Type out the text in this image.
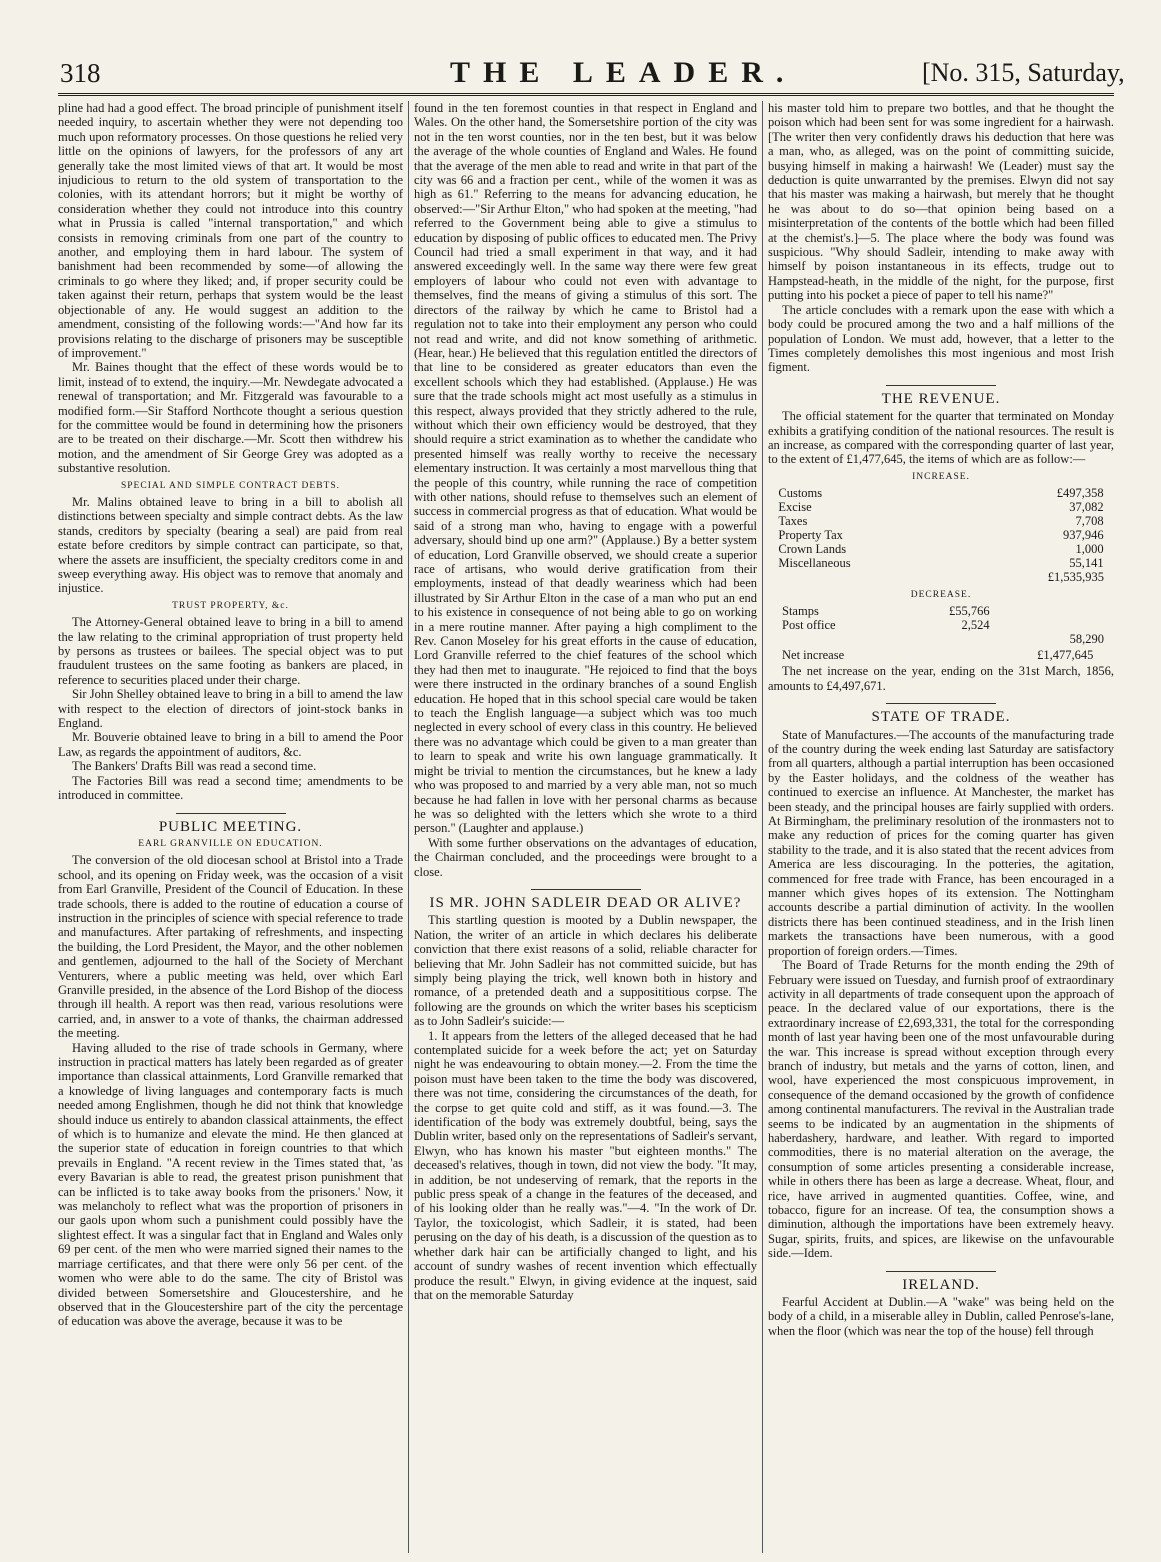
318	THE LEADER.	[No. 315, Saturday,

pline had had a good effect. The broad principle of punishment itself needed inquiry, to ascertain whether they were not depending too much upon reformatory processes. On those questions he relied very little on the opinions of lawyers, for the professors of any art generally take the most limited views of that art. It would be most injudicious to return to the old system of transportation to the colonies, with its attendant horrors; but it might be worthy of consideration whether they could not introduce into this country what in Prussia is called "internal transportation," and which consists in removing criminals from one part of the country to another, and employing them in hard labour. The system of banishment had been recommended by some—of allowing the criminals to go where they liked; and, if proper security could be taken against their return, perhaps that system would be the least objectionable of any. He would suggest an addition to the amendment, consisting of the following words:—"And how far its provisions relating to the discharge of prisoners may be susceptible of improvement."

Mr. Baines thought that the effect of these words would be to limit, instead of to extend, the inquiry.—Mr. Newdegate advocated a renewal of transportation; and Mr. Fitzgerald was favourable to a modified form.—Sir Stafford Northcote thought a serious question for the committee would be found in determining how the prisoners are to be treated on their discharge.—Mr. Scott then withdrew his motion, and the amendment of Sir George Grey was adopted as a substantive resolution.

SPECIAL AND SIMPLE CONTRACT DEBTS.

Mr. Malins obtained leave to bring in a bill to abolish all distinctions between specialty and simple contract debts. As the law stands, creditors by specialty (bearing a seal) are paid from real estate before creditors by simple contract can participate, so that, where the assets are insufficient, the specialty creditors come in and sweep everything away. His object was to remove that anomaly and injustice.

TRUST PROPERTY, &c.

The Attorney-General obtained leave to bring in a bill to amend the law relating to the criminal appropriation of trust property held by persons as trustees or bailees. The special object was to put fraudulent trustees on the same footing as bankers are placed, in reference to securities placed under their charge.

Sir John Shelley obtained leave to bring in a bill to amend the law with respect to the election of directors of joint-stock banks in England.

Mr. Bouverie obtained leave to bring in a bill to amend the Poor Law, as regards the appointment of auditors, &c.

The Bankers' Drafts Bill was read a second time.

The Factories Bill was read a second time; amendments to be introduced in committee.

PUBLIC MEETING.
EARL GRANVILLE ON EDUCATION.

The conversion of the old diocesan school at Bristol into a Trade school, and its opening on Friday week, was the occasion of a visit from Earl Granville, President of the Council of Education. In these trade schools, there is added to the routine of education a course of instruction in the principles of science with special reference to trade and manufactures. After partaking of refreshments, and inspecting the building, the Lord President, the Mayor, and the other noblemen and gentlemen, adjourned to the hall of the Society of Merchant Venturers, where a public meeting was held, over which Earl Granville presided, in the absence of the Lord Bishop of the diocess through ill health. A report was then read, various resolutions were carried, and, in answer to a vote of thanks, the chairman addressed the meeting.

Having alluded to the rise of trade schools in Germany, where instruction in practical matters has lately been regarded as of greater importance than classical attainments, Lord Granville remarked that a knowledge of living languages and contemporary facts is much needed among Englishmen, though he did not think that knowledge should induce us entirely to abandon classical attainments, the effect of which is to humanize and elevate the mind. He then glanced at the superior state of education in foreign countries to that which prevails in England. "A recent review in the Times stated that, 'as every Bavarian is able to read, the greatest prison punishment that can be inflicted is to take away books from the prisoners.' Now, it was melancholy to reflect what was the proportion of prisoners in our gaols upon whom such a punishment could possibly have the slightest effect. It was a singular fact that in England and Wales only 69 per cent. of the men who were married signed their names to the marriage certificates, and that there were only 56 per cent. of the women who were able to do the same. The city of Bristol was divided between Somersetshire and Gloucestershire, and he observed that in the Gloucestershire part of the city the percentage of education was above the average, because it was to be

found in the ten foremost counties in that respect in England and Wales. On the other hand, the Somersetshire portion of the city was not in the ten worst counties, nor in the ten best, but it was below the average of the whole counties of England and Wales. He found that the average of the men able to read and write in that part of the city was 66 and a fraction per cent., while of the women it was as high as 61." Referring to the means for advancing education, he observed:—"Sir Arthur Elton," who had spoken at the meeting, "had referred to the Government being able to give a stimulus to education by disposing of public offices to educated men. The Privy Council had tried a small experiment in that way, and it had answered exceedingly well. In the same way there were few great employers of labour who could not even with advantage to themselves, find the means of giving a stimulus of this sort. The directors of the railway by which he came to Bristol had a regulation not to take into their employment any person who could not read and write, and did not know something of arithmetic. (Hear, hear.) He believed that this regulation entitled the directors of that line to be considered as greater educators than even the excellent schools which they had established. (Applause.) He was sure that the trade schools might act most usefully as a stimulus in this respect, always provided that they strictly adhered to the rule, without which their own efficiency would be destroyed, that they should require a strict examination as to whether the candidate who presented himself was really worthy to receive the necessary elementary instruction. It was certainly a most marvellous thing that the people of this country, while running the race of competition with other nations, should refuse to themselves such an element of success in commercial progress as that of education. What would be said of a strong man who, having to engage with a powerful adversary, should bind up one arm?" (Applause.) By a better system of education, Lord Granville observed, we should create a superior race of artisans, who would derive gratification from their employments, instead of that deadly weariness which had been illustrated by Sir Arthur Elton in the case of a man who put an end to his existence in consequence of not being able to go on working in a mere routine manner. After paying a high compliment to the Rev. Canon Moseley for his great efforts in the cause of education, Lord Granville referred to the chief features of the school which they had then met to inaugurate. "He rejoiced to find that the boys were there instructed in the ordinary branches of a sound English education. He hoped that in this school special care would be taken to teach the English language—a subject which was too much neglected in every school of every class in this country. He believed there was no advantage which could be given to a man greater than to learn to speak and write his own language grammatically. It might be trivial to mention the circumstances, but he knew a lady who was proposed to and married by a very able man, not so much because he had fallen in love with her personal charms as because he was so delighted with the letters which she wrote to a third person." (Laughter and applause.)

With some further observations on the advantages of education, the Chairman concluded, and the proceedings were brought to a close.

IS MR. JOHN SADLEIR DEAD OR ALIVE?

This startling question is mooted by a Dublin newspaper, the Nation, the writer of an article in which declares his deliberate conviction that there exist reasons of a solid, reliable character for believing that Mr. John Sadleir has not committed suicide, but has simply being playing the trick, well known both in history and romance, of a pretended death and a supposititious corpse. The following are the grounds on which the writer bases his scepticism as to John Sadleir's suicide:—

1. It appears from the letters of the alleged deceased that he had contemplated suicide for a week before the act; yet on Saturday night he was endeavouring to obtain money.—2. From the time the poison must have been taken to the time the body was discovered, there was not time, considering the circumstances of the death, for the corpse to get quite cold and stiff, as it was found.—3. The identification of the body was extremely doubtful, being, says the Dublin writer, based only on the representations of Sadleir's servant, Elwyn, who has known his master "but eighteen months." The deceased's relatives, though in town, did not view the body. "It may, in addition, be not undeserving of remark, that the reports in the public press speak of a change in the features of the deceased, and of his looking older than he really was."—4. "In the work of Dr. Taylor, the toxicologist, which Sadleir, it is stated, had been perusing on the day of his death, is a discussion of the question as to whether dark hair can be artificially changed to light, and his account of sundry washes of recent invention which effectually produce the result." Elwyn, in giving evidence at the inquest, said that on the memorable Saturday

his master told him to prepare two bottles, and that he thought the poison which had been sent for was some ingredient for a hairwash. [The writer then very confidently draws his deduction that here was a man, who, as alleged, was on the point of committing suicide, busying himself in making a hairwash! We (Leader) must say the deduction is quite unwarranted by the premises. Elwyn did not say that his master was making a hairwash, but merely that he thought he was about to do so—that opinion being based on a misinterpretation of the contents of the bottle which had been filled at the chemist's.]—5. The place where the body was found was suspicious. "Why should Sadleir, intending to make away with himself by poison instantaneous in its effects, trudge out to Hampstead-heath, in the middle of the night, for the purpose, first putting into his pocket a piece of paper to tell his name?"

The article concludes with a remark upon the ease with which a body could be procured among the two and a half millions of the population of London. We must add, however, that a letter to the Times completely demolishes this most ingenious and most Irish figment.

THE REVENUE.

The official statement for the quarter that terminated on Monday exhibits a gratifying condition of the national resources. The result is an increase, as compared with the corresponding quarter of last year, to the extent of £1,477,645, the items of which are as follow:—

INCREASE.
Customs	£497,358
Excise	37,082
Taxes	7,708
Property Tax	937,946
Crown Lands	1,000
Miscellaneous	55,141
£1,535,935
DECREASE.
Stamps	£55,766
Post office	2,524
58,290
Net increase	£1,477,645

The net increase on the year, ending on the 31st March, 1856, amounts to £4,497,671.

STATE OF TRADE.

State of Manufactures.—The accounts of the manufacturing trade of the country during the week ending last Saturday are satisfactory from all quarters, although a partial interruption has been occasioned by the Easter holidays, and the coldness of the weather has continued to exercise an influence. At Manchester, the market has been steady, and the principal houses are fairly supplied with orders. At Birmingham, the preliminary resolution of the ironmasters not to make any reduction of prices for the coming quarter has given stability to the trade, and it is also stated that the recent advices from America are less discouraging. In the potteries, the agitation, commenced for free trade with France, has been encouraged in a manner which gives hopes of its extension. The Nottingham accounts describe a partial diminution of activity. In the woollen districts there has been continued steadiness, and in the Irish linen markets the transactions have been numerous, with a good proportion of foreign orders.—Times.

The Board of Trade Returns for the month ending the 29th of February were issued on Tuesday, and furnish proof of extraordinary activity in all departments of trade consequent upon the approach of peace. In the declared value of our exportations, there is the extraordinary increase of £2,693,331, the total for the corresponding month of last year having been one of the most unfavourable during the war. This increase is spread without exception through every branch of industry, but metals and the yarns of cotton, linen, and wool, have experienced the most conspicuous improvement, in consequence of the demand occasioned by the growth of confidence among continental manufacturers. The revival in the Australian trade seems to be indicated by an augmentation in the shipments of haberdashery, hardware, and leather. With regard to imported commodities, there is no material alteration on the average, the consumption of some articles presenting a considerable increase, while in others there has been as large a decrease. Wheat, flour, and rice, have arrived in augmented quantities. Coffee, wine, and tobacco, figure for an increase. Of tea, the consumption shows a diminution, although the importations have been extremely heavy. Sugar, spirits, fruits, and spices, are likewise on the unfavourable side.—Idem.

IRELAND.

Fearful Accident at Dublin.—A "wake" was being held on the body of a child, in a miserable alley in Dublin, called Penrose's-lane, when the floor (which was near the top of the house) fell through
